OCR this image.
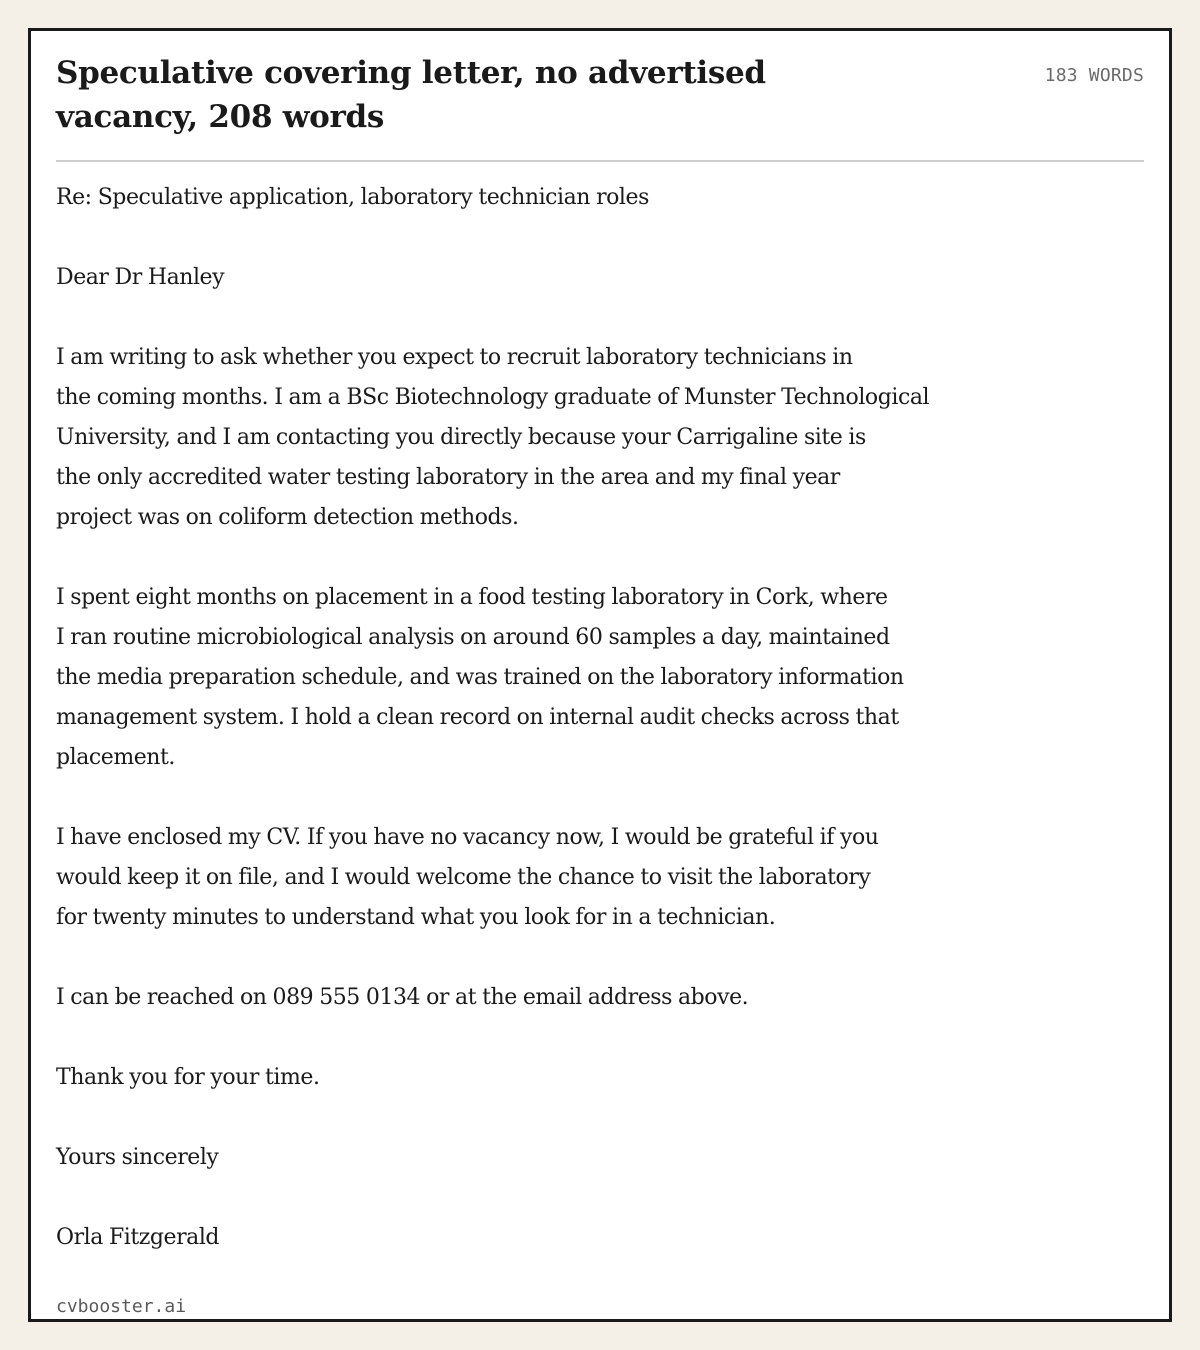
Speculative covering letter, no advertised vacancy, 208 words
183 WORDS

Re: Speculative application, laboratory technician roles

Dear Dr Hanley

I am writing to ask whether you expect to recruit laboratory technicians in
the coming months. I am a BSc Biotechnology graduate of Munster Technological
University, and I am contacting you directly because your Carrigaline site is
the only accredited water testing laboratory in the area and my final year
project was on coliform detection methods.

I spent eight months on placement in a food testing laboratory in Cork, where
I ran routine microbiological analysis on around 60 samples a day, maintained
the media preparation schedule, and was trained on the laboratory information
management system. I hold a clean record on internal audit checks across that
placement.

I have enclosed my CV. If you have no vacancy now, I would be grateful if you
would keep it on file, and I would welcome the chance to visit the laboratory
for twenty minutes to understand what you look for in a technician.

I can be reached on 089 555 0134 or at the email address above.

Thank you for your time.

Yours sincerely

Orla Fitzgerald

cvbooster.ai
